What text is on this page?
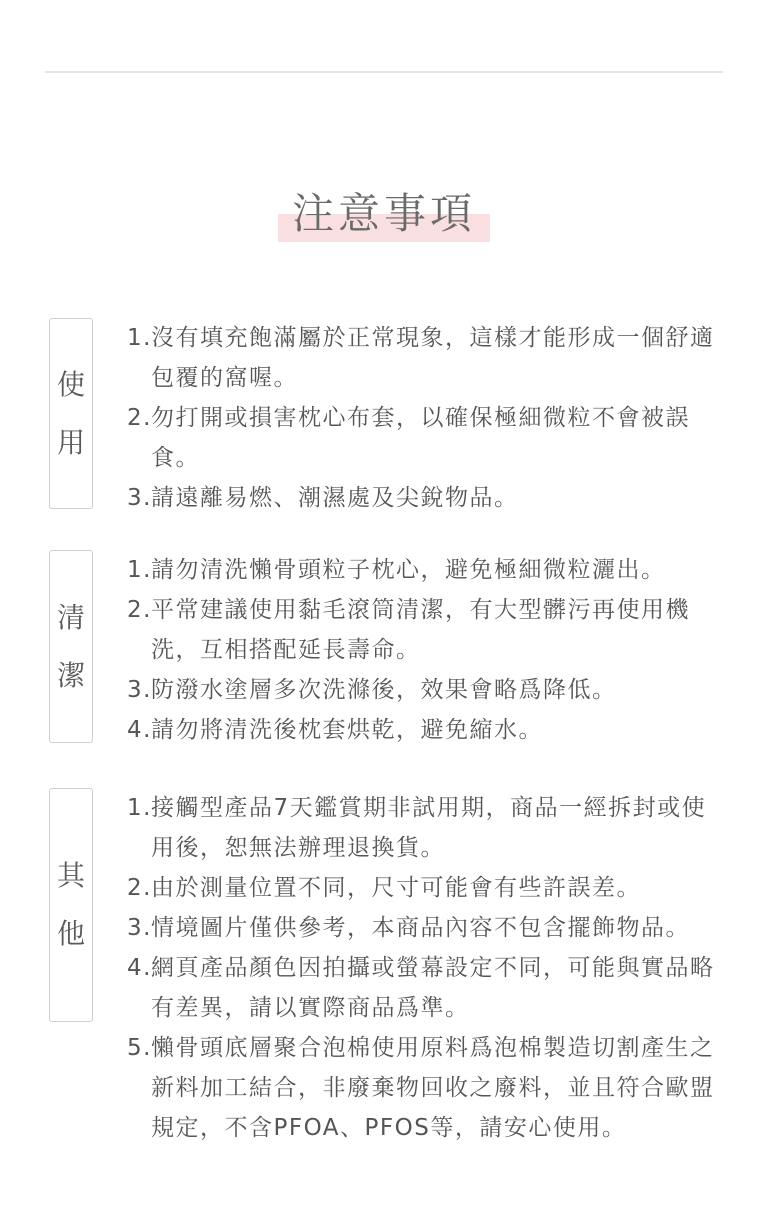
注意事項
使
用
1. 沒有填充飽滿屬於正常現象，這樣才能形成一個舒適包覆的窩喔。
2. 勿打開或損害枕心布套，以確保極細微粒不會被誤食。
3. 請遠離易燃、潮濕處及尖銳物品。
清
潔
1. 請勿清洗懶骨頭粒子枕心，避免極細微粒灑出。
2. 平常建議使用黏毛滾筒清潔，有大型髒污再使用機洗，互相搭配延長壽命。
3. 防潑水塗層多次洗滌後，效果會略爲降低。
4. 請勿將清洗後枕套烘乾，避免縮水。
其
他
1. 接觸型產品7天鑑賞期非試用期，商品一經拆封或使用後，恕無法辦理退換貨。
2. 由於測量位置不同，尺寸可能會有些許誤差。
3. 情境圖片僅供參考，本商品內容不包含擺飾物品。
4. 網頁產品顏色因拍攝或螢幕設定不同，可能與實品略有差異，請以實際商品爲準。
5. 懶骨頭底層聚合泡棉使用原料爲泡棉製造切割產生之新料加工結合，非廢棄物回收之廢料，並且符合歐盟規定，不含PFOA、PFOS等，請安心使用。
